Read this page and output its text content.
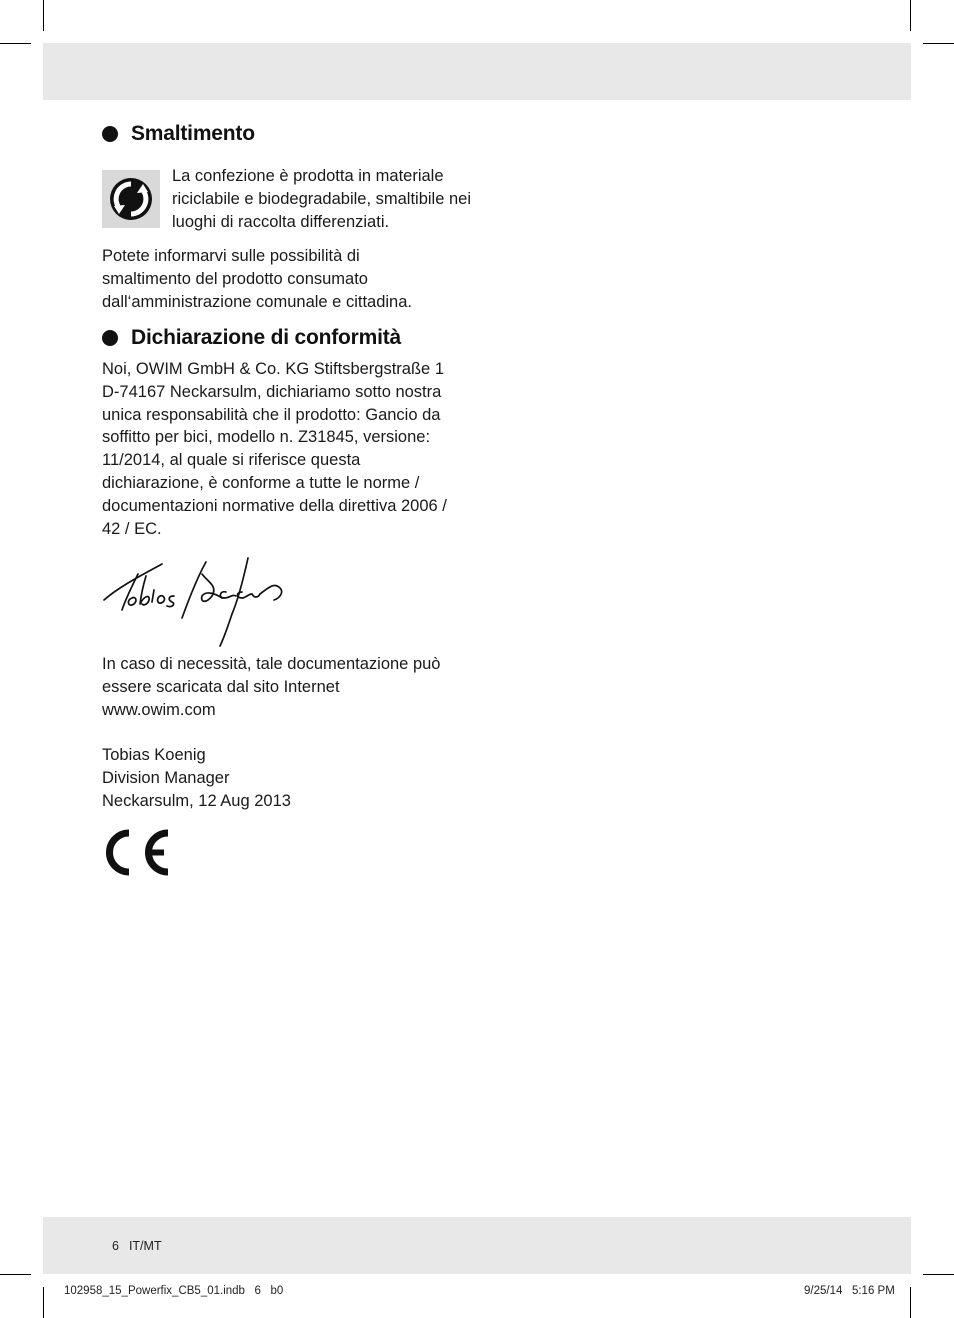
Smaltimento

La confezione è prodotta in materiale riciclabile e biodegradabile, smaltibile nei luoghi di raccolta differenziati.

Potete informarvi sulle possibilità di smaltimento del prodotto consumato dall‘amministrazione comunale e cittadina.

Dichiarazione di conformità

Noi, OWIM GmbH & Co. KG Stiftsbergstraße 1 D-74167 Neckarsulm, dichiariamo sotto nostra unica responsabilità che il prodotto: Gancio da soffitto per bici, modello n. Z31845, versione: 11/2014, al quale si riferisce questa dichiarazione, è conforme a tutte le norme / documentazioni normative della direttiva 2006 / 42 / EC.

In caso di necessità, tale documentazione può essere scaricata dal sito Internet

www.owim.com

Tobias Koenig

Division Manager

Neckarsulm, 12 Aug 2013

6 IT/MT
102958_15_Powerfix_CB5_01.indb   6   b0	9/25/14   5:16 PM
